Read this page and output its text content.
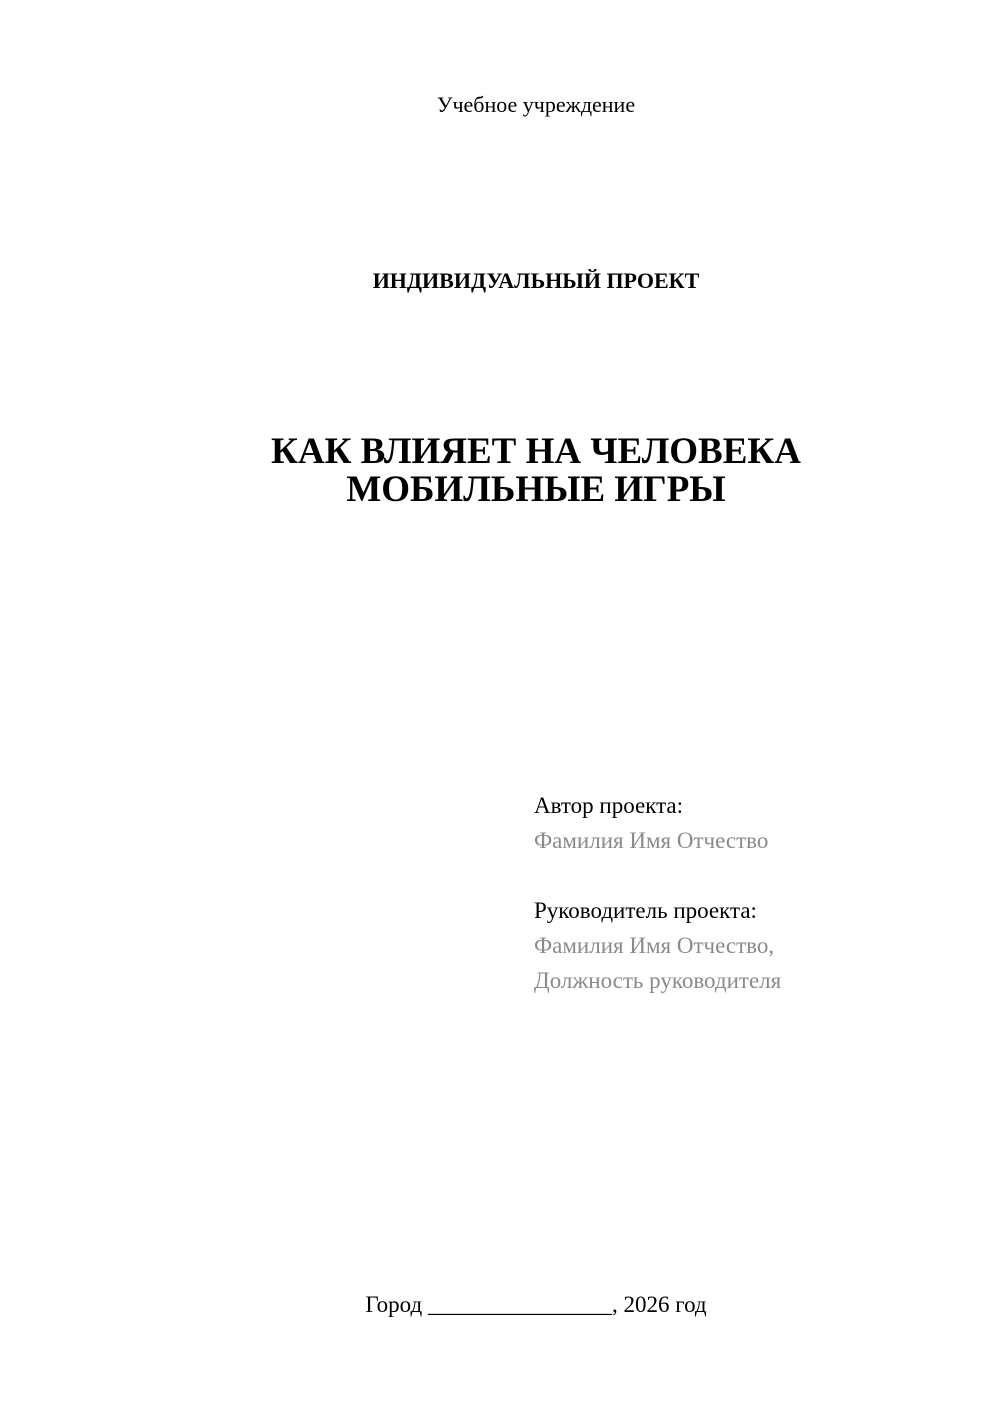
Учебное учреждение
ИНДИВИДУАЛЬНЫЙ ПРОЕКТ
КАК ВЛИЯЕТ НА ЧЕЛОВЕКА
МОБИЛЬНЫЕ ИГРЫ
Автор проекта:
Фамилия Имя Отчество
Руководитель проекта:
Фамилия Имя Отчество,
Должность руководителя
Город ________________, 2026 год
